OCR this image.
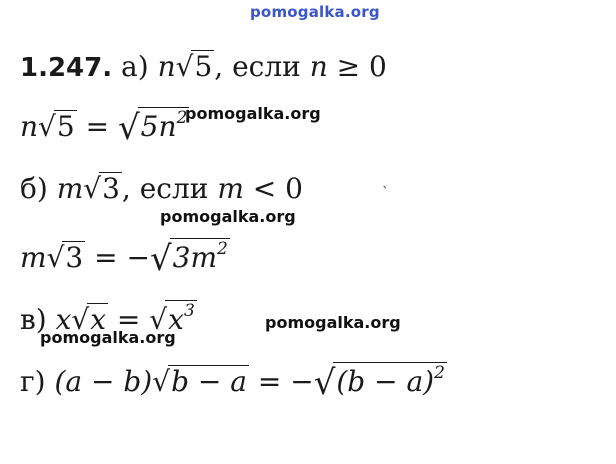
pomogalka.org
1.247. а) n√5, если n ≥ 0
$n√5 = √5n^2$
pomogalka.org
б) m√3, если m < 0	`
pomogalka.org
$m√3 = -√3m^2$
в) $x√x = √x^3$
pomogalka.org
pomogalka.org
г) $(a - b)√b - a = -√(b - a)^2$
